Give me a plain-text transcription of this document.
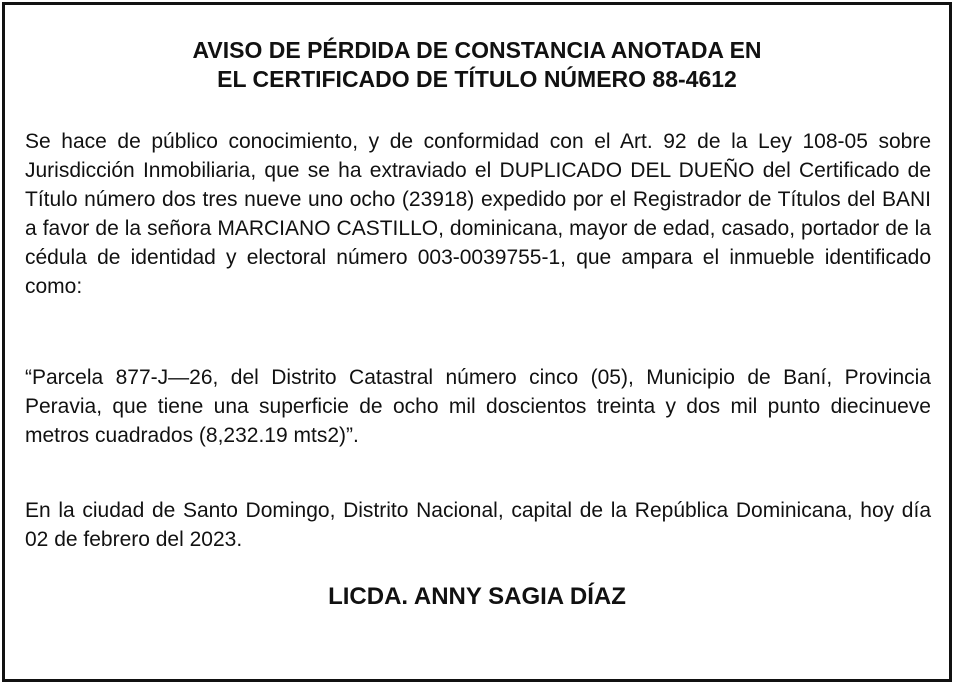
AVISO DE PÉRDIDA DE CONSTANCIA ANOTADA EN
EL CERTIFICADO DE TÍTULO NÚMERO 88-4612

Se hace de público conocimiento, y de conformidad con el Art. 92 de la Ley 108-05 sobre Jurisdicción Inmobiliaria, que se ha extraviado el DUPLICADO DEL DUEÑO del Certificado de Título número dos tres nueve uno ocho (23918) expedido por el Registrador de Títulos del BANI a favor de la señora MARCIANO CASTILLO, dominicana, mayor de edad, casado, portador de la cédula de identidad y electoral número 003-0039755-1, que ampara el inmueble identificado como:

“Parcela 877-J—26, del Distrito Catastral número cinco (05), Municipio de Baní, Provincia Peravia, que tiene una superficie de ocho mil doscientos treinta y dos mil punto diecinueve metros cuadrados (8,232.19 mts2)”.

En la ciudad de Santo Domingo, Distrito Nacional, capital de la República Dominicana, hoy día 02 de febrero del 2023.

LICDA. ANNY SAGIA DÍAZ
